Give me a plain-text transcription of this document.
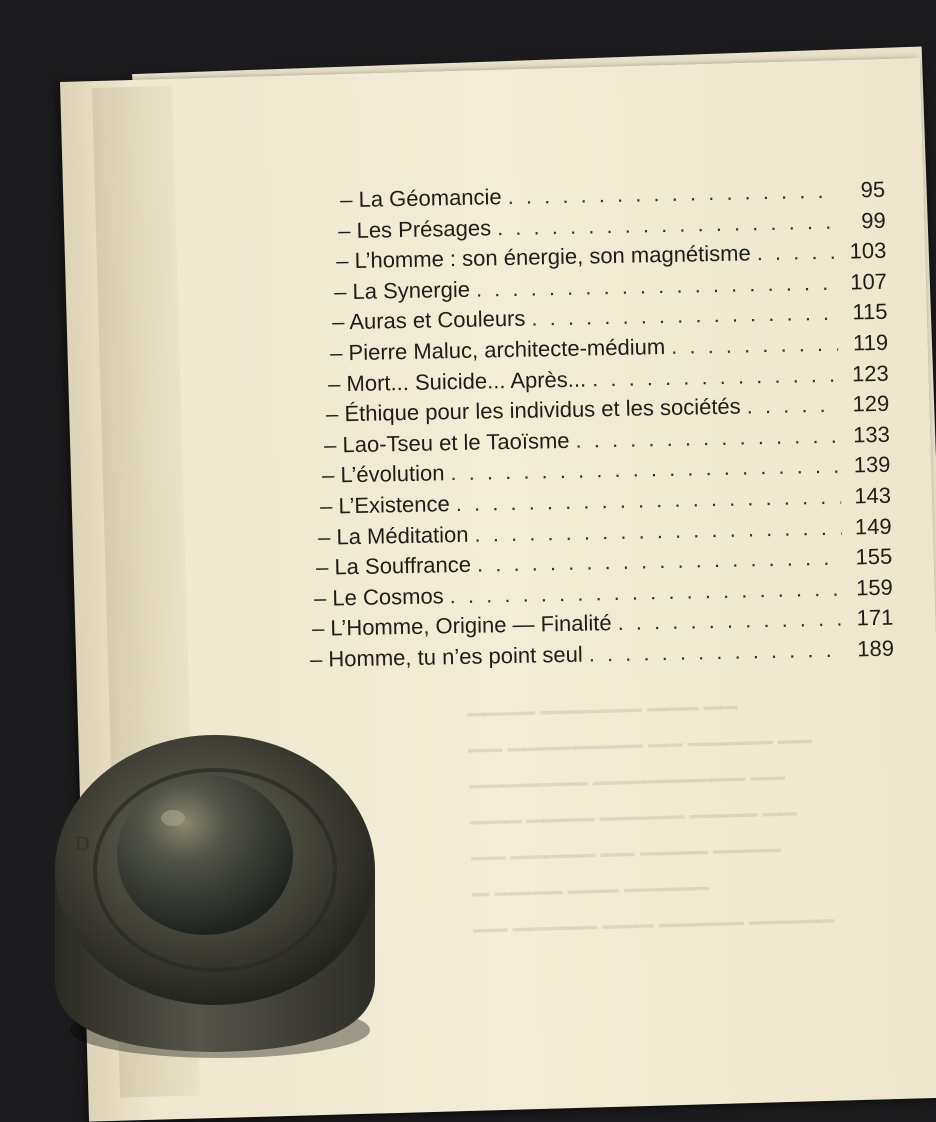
▁▁▁▁ ▁▁▁▁▁▁ ▁▁▁ ▁▁
▁▁ ▁▁▁▁▁▁▁▁ ▁▁ ▁▁▁▁▁ ▁▁
▁▁▁▁▁▁▁ ▁▁▁▁▁▁▁▁▁ ▁▁
▁▁▁ ▁▁▁▁ ▁▁▁▁▁ ▁▁▁▁ ▁▁
▁▁ ▁▁▁▁▁ ▁▁ ▁▁▁▁ ▁▁▁▁
▁ ▁▁▁▁ ▁▁▁ ▁▁▁▁▁
▁▁ ▁▁▁▁▁ ▁▁▁ ▁▁▁▁▁ ▁▁▁▁▁
– La Géomancie . . .	95
– Les Présages . . .	99
– L’homme : son énergie, son magnétisme . . .	103
– La Synergie . . .	107
– Auras et Couleurs . . .	115
– Pierre Maluc, architecte-médium . . .	119
– Mort... Suicide... Après... . . .	123
– Éthique pour les individus et les sociétés . . .	129
– Lao-Tseu et le Taoïsme . . .	133
– L’évolution . . .	139
– L’Existence . . .	143
– La Méditation . . .	149
– La Souffrance . . .	155
– Le Cosmos . . .	159
– L’Homme, Origine — Finalité . . .	171
– Homme, tu n’es point seul . . .	189
D
